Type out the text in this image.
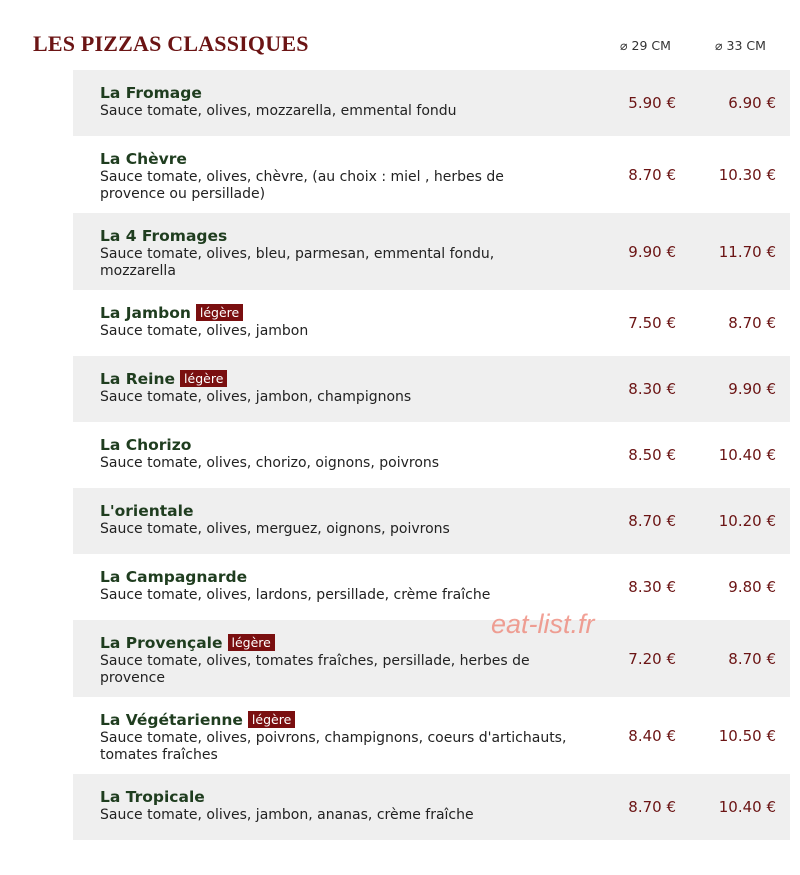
LES PIZZAS CLASSIQUES	⌀ 29 CM	⌀ 33 CM
La Fromage
Sauce tomate, olives, mozzarella, emmental fondu	5.90 €	6.90 €
La Chèvre
Sauce tomate, olives, chèvre, (au choix : miel , herbes de provence ou persillade)
8.70 €	10.30 €
La 4 Fromages
Sauce tomate, olives, bleu, parmesan, emmental fondu, mozzarella
9.90 €	11.70 €
La Jambon légère
Sauce tomate, olives, jambon	7.50 €	8.70 €
La Reine légère
Sauce tomate, olives, jambon, champignons	8.30 €	9.90 €
La Chorizo
Sauce tomate, olives, chorizo, oignons, poivrons	8.50 €	10.40 €
L'orientale
Sauce tomate, olives, merguez, oignons, poivrons	8.70 €	10.20 €
La Campagnarde
Sauce tomate, olives, lardons, persillade, crème fraîche	8.30 €	9.80 €
La Provençale légère
Sauce tomate, olives, tomates fraîches, persillade, herbes de provence
7.20 €	8.70 €
La Végétarienne légère
Sauce tomate, olives, poivrons, champignons, coeurs d'artichauts, tomates fraîches
8.40 €	10.50 €
La Tropicale
Sauce tomate, olives, jambon, ananas, crème fraîche	8.70 €	10.40 €
eat-list.fr
